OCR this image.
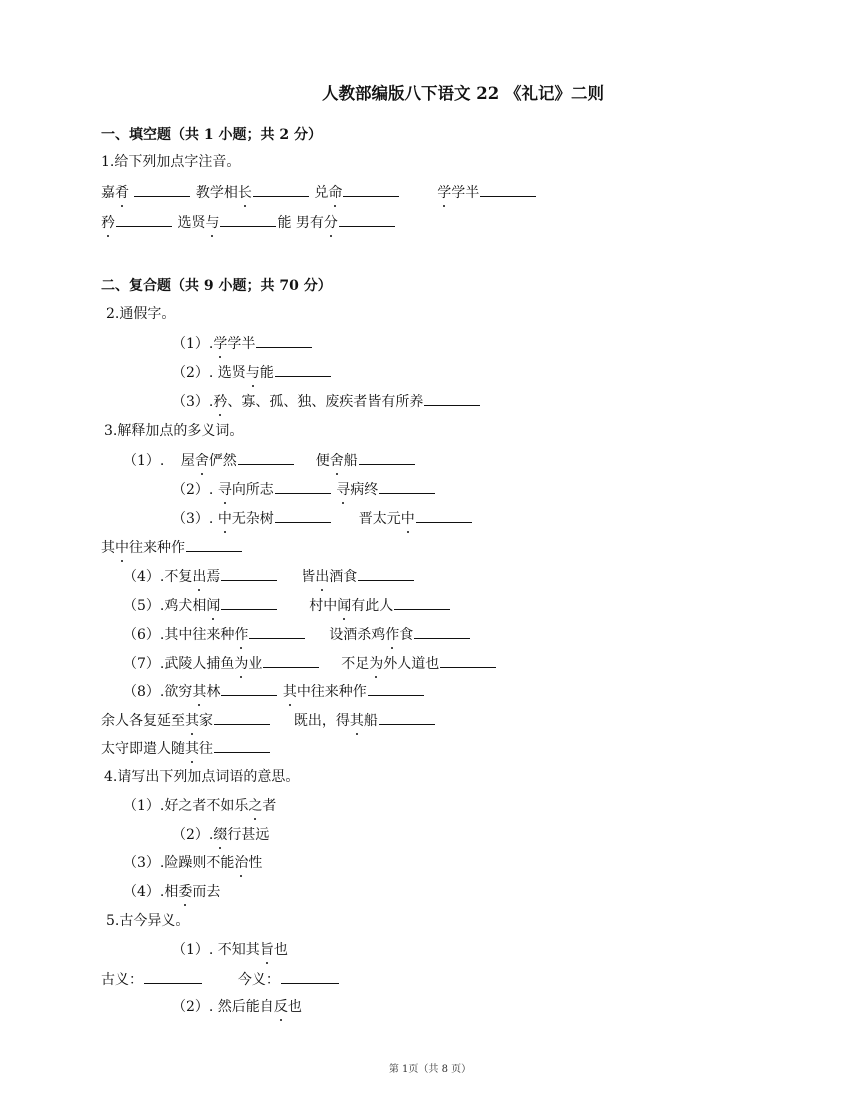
人教部编版八下语文 22 《礼记》二则
一、填空题（共 1 小题；共 2 分）
1.给下列加点字注音。
嘉肴	教学相长	兑命	学学半
矜	选贤与	能 男有分
二、复合题（共 9 小题；共 70 分）
2.通假字。
（1）.学学半
（2）. 选贤与能
（3）.矜、寡、孤、独、废疾者皆有所养
3.解释加点的多义词。
（1）. 屋舍俨然	便舍船
（2）. 寻向所志	寻病终
（3）. 中无杂树	晋太元中
其中往来种作
（4）.不复出焉	皆出酒食
（5）.鸡犬相闻	村中闻有此人
（6）.其中往来种作	设酒杀鸡作食
（7）.武陵人捕鱼为业	不足为外人道也
（8）.欲穷其林	其中往来种作
余人各复延至其家	既出，得其船
太守即遣人随其往
4.请写出下列加点词语的意思。
（1）.好之者不如乐之者
（2）.缀行甚远
（3）.险躁则不能治性
（4）.相委而去
5.古今异义。
（1）. 不知其旨也
古义：	今义：
（2）. 然后能自反也
第 1页（共 8 页）
